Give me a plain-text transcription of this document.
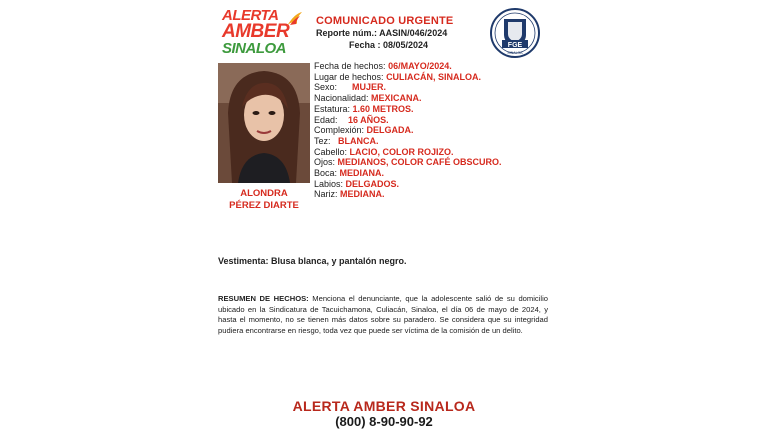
ALERTA
AMBER
SINALOA
COMUNICADO URGENTE
Reporte núm.: AASIN/046/2024
Fecha : 08/05/2024	FGE
SINALOA
ALONDRA
PÉREZ DIARTE
Fecha de hechos: 06/MAYO/2024.
Lugar de hechos: CULIACÁN, SINALOA.
Sexo:MUJER.
Nacionalidad: MEXICANA.
Estatura: 1.60 METROS.
Edad:16 AÑOS.
Complexión: DELGADA.
Tez:BLANCA.
Cabello: LACIO, COLOR ROJIZO.
Ojos: MEDIANOS, COLOR CAFÉ OBSCURO.
Boca: MEDIANA.
Labios: DELGADOS.
Nariz: MEDIANA.
Vestimenta: Blusa blanca, y pantalón negro.
RESUMEN DE HECHOS: Menciona el denunciante, que la adolescente salió de su domicilio ubicado en la Sindicatura de Tacuichamona, Culiacán, Sinaloa, el día 06 de mayo de 2024, y hasta el momento, no se tienen más datos sobre su paradero. Se considera que su integridad pudiera encontrarse en riesgo, toda vez que puede ser víctima de la comisión de un delito.
ALERTA AMBER SINALOA
(800) 8-90-90-92
